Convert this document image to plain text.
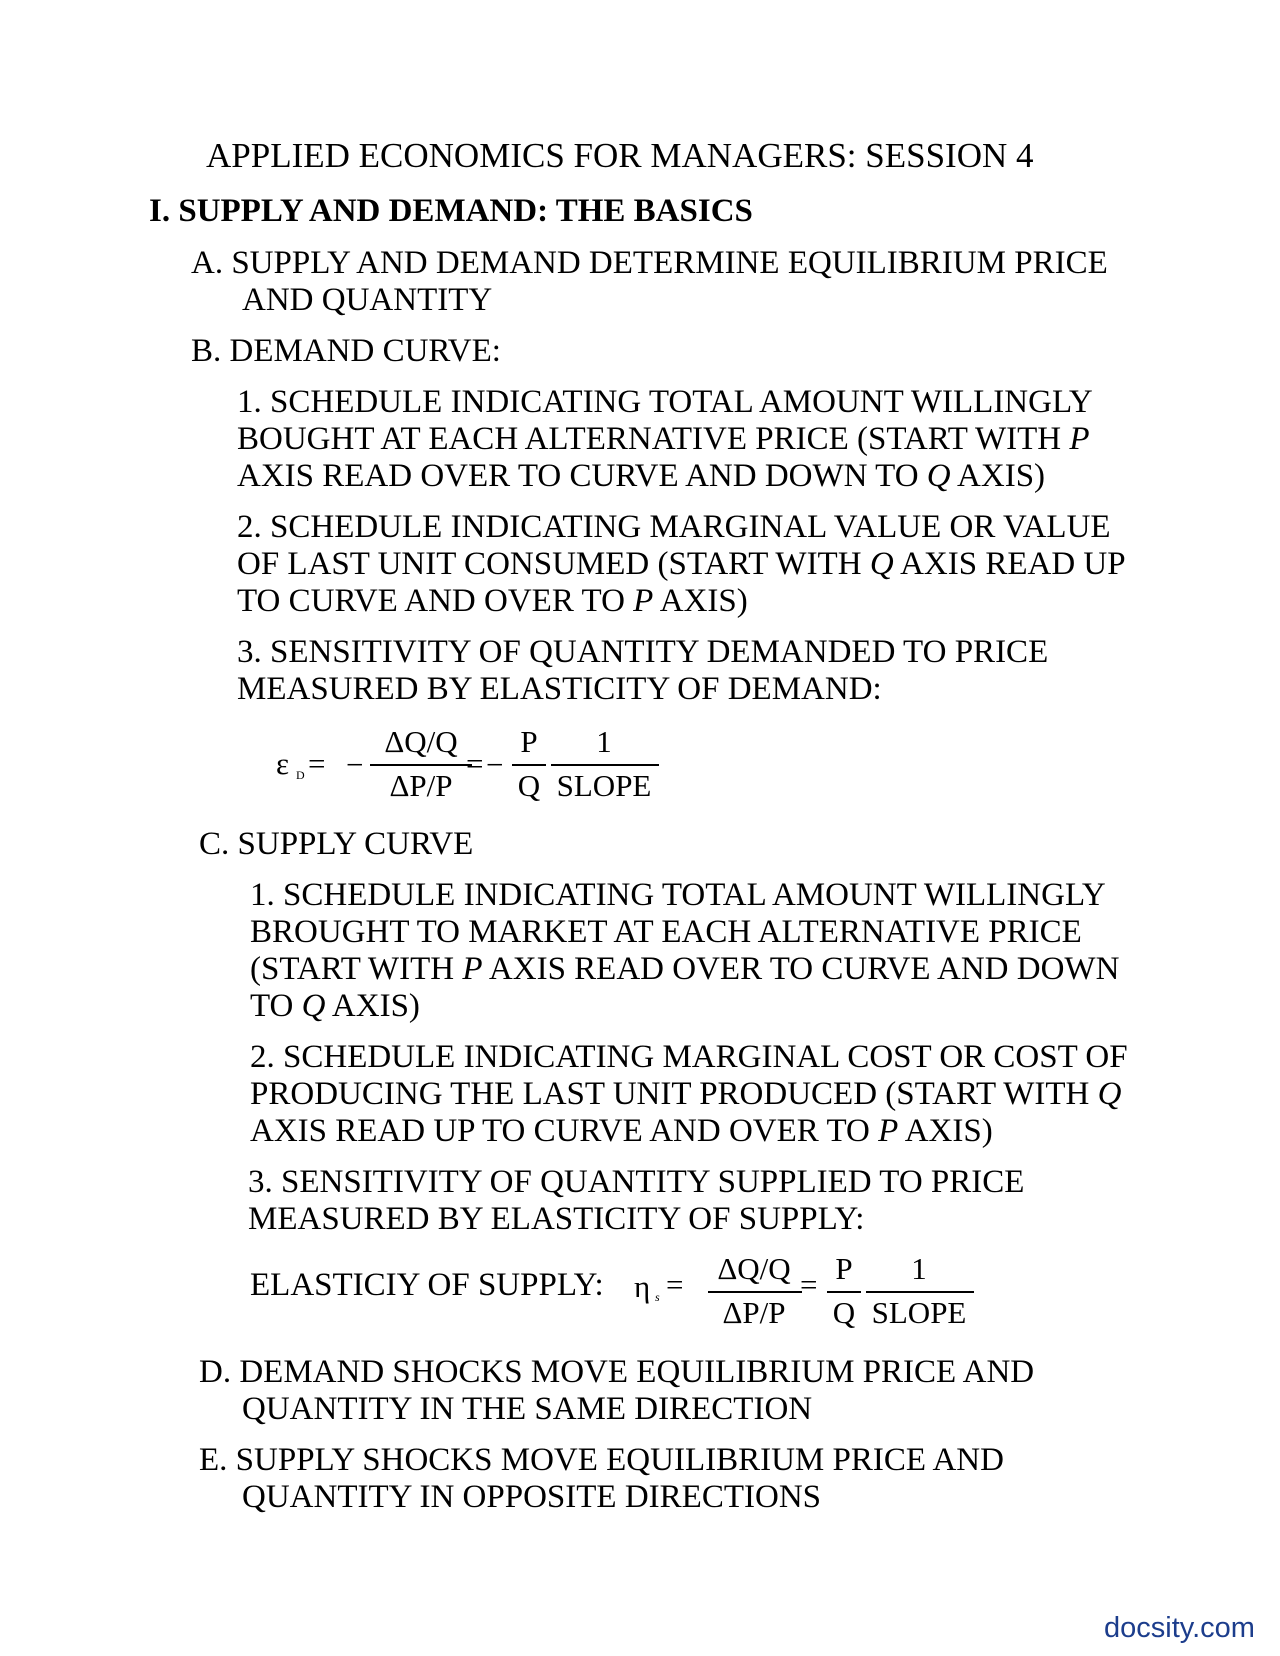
APPLIED ECONOMICS FOR MANAGERS: SESSION 4
I. SUPPLY AND DEMAND: THE BASICS
A. SUPPLY AND DEMAND DETERMINE EQUILIBRIUM PRICE
AND QUANTITY
B. DEMAND CURVE:
1. SCHEDULE INDICATING TOTAL AMOUNT WILLINGLY
BOUGHT AT EACH ALTERNATIVE PRICE (START WITH P
AXIS READ OVER TO CURVE AND DOWN TO Q AXIS)
2. SCHEDULE INDICATING MARGINAL VALUE OR VALUE
OF LAST UNIT CONSUMED (START WITH Q AXIS READ UP
TO CURVE AND OVER TO P AXIS)
3. SENSITIVITY OF QUANTITY DEMANDED TO PRICE
MEASURED BY ELASTICITY OF DEMAND:
ε D = −
ΔQ/Q
ΔP/P
= −
P
Q
1
SLOPE
C. SUPPLY CURVE
1. SCHEDULE INDICATING TOTAL AMOUNT WILLINGLY
BROUGHT TO MARKET AT EACH ALTERNATIVE PRICE
(START WITH P AXIS READ OVER TO CURVE AND DOWN
TO Q AXIS)
2. SCHEDULE INDICATING MARGINAL COST OR COST OF
PRODUCING THE LAST UNIT PRODUCED (START WITH Q
AXIS READ UP TO CURVE AND OVER TO P AXIS)
3. SENSITIVITY OF QUANTITY SUPPLIED TO PRICE
MEASURED BY ELASTICITY OF SUPPLY:
ELASTICIY OF SUPPLY: η s =	ΔQ/Q
ΔP/P
= P
Q
1
SLOPE
D. DEMAND SHOCKS MOVE EQUILIBRIUM PRICE AND
QUANTITY IN THE SAME DIRECTION
E. SUPPLY SHOCKS MOVE EQUILIBRIUM PRICE AND
QUANTITY IN OPPOSITE DIRECTIONS
docsity.com
